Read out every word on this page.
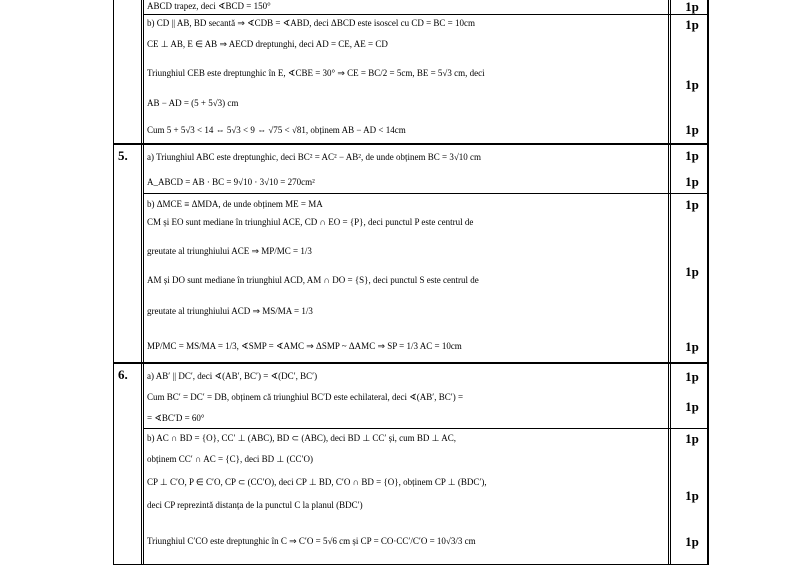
5.
6.
1p
1p
1p
1p
1p
1p
1p
1p
1p
1p
1p
1p
1p
1p
ABCD trapez, deci ∢BCD = 150°
b) CD || AB, BD secantă ⇒ ∢CDB = ∢ABD, deci ΔBCD este isoscel cu CD = BC = 10cm
CE ⊥ AB, E ∈ AB ⇒ AECD dreptunghi, deci AD = CE, AE = CD
Triunghiul CEB este dreptunghic în E, ∢CBE = 30° ⇒ CE = BC/2 = 5cm, BE = 5√3 cm, deci
AB − AD = (5 + 5√3) cm
Cum 5 + 5√3 < 14 ⇔ 5√3 < 9 ⇔ √75 < √81, obținem AB − AD < 14cm
a) Triunghiul ABC este dreptunghic, deci BC² = AC² − AB², de unde obținem BC = 3√10 cm
A_ABCD = AB · BC = 9√10 · 3√10 = 270cm²
b) ΔMCE ≡ ΔMDA, de unde obținem ME = MA
CM și EO sunt mediane în triunghiul ACE, CD ∩ EO = {P}, deci punctul P este centrul de
greutate al triunghiului ACE ⇒ MP/MC = 1/3
AM și DO sunt mediane în triunghiul ACD, AM ∩ DO = {S}, deci punctul S este centrul de
greutate al triunghiului ACD ⇒ MS/MA = 1/3
MP/MC = MS/MA = 1/3, ∢SMP = ∢AMC ⇒ ΔSMP ~ ΔAMC ⇒ SP = 1/3 AC = 10cm
a) AB′ || DC′, deci ∢(AB′, BC′) = ∢(DC′, BC′)
Cum BC′ = DC′ = DB, obținem că triunghiul BC′D este echilateral, deci ∢(AB′, BC′) =
= ∢BC′D = 60°
b) AC ∩ BD = {O}, CC′ ⊥ (ABC), BD ⊂ (ABC), deci BD ⊥ CC′ și, cum BD ⊥ AC,
obținem CC′ ∩ AC = {C}, deci BD ⊥ (CC′O)
CP ⊥ C′O, P ∈ C′O, CP ⊂ (CC′O), deci CP ⊥ BD, C′O ∩ BD = {O}, obținem CP ⊥ (BDC′),
deci CP reprezintă distanța de la punctul C la planul (BDC′)
Triunghiul C′CO este dreptunghic în C ⇒ C′O = 5√6 cm și CP = CO·CC′/C′O = 10√3/3 cm
